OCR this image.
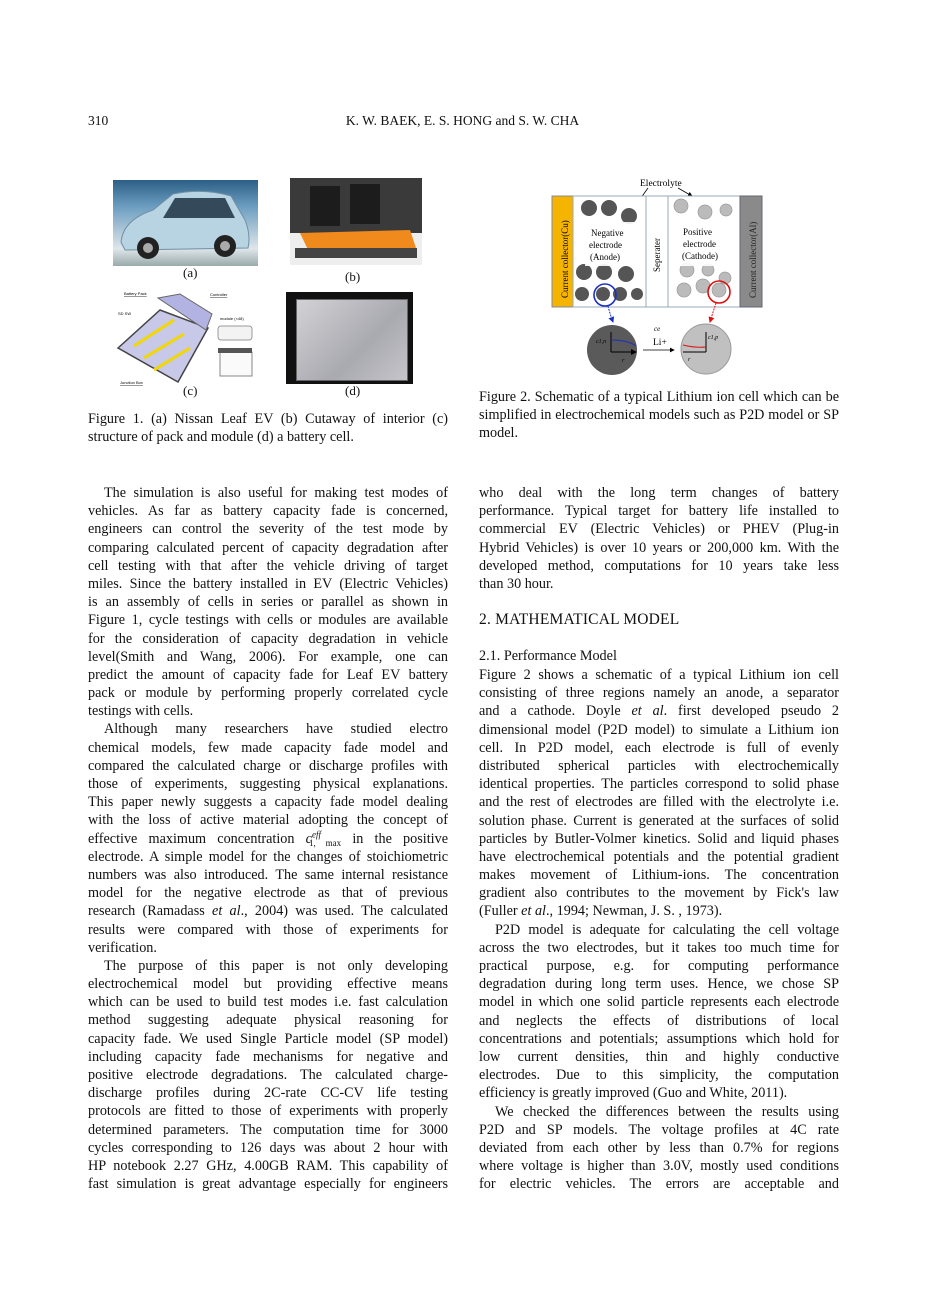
310	K. W. BAEK, E. S. HONG and S. W. CHA
Battery Pack	Controller
SD SW
module (×48)
Junction Box
(a)	(b)
(c)	(d)
Figure 1. (a) Nissan Leaf EV (b) Cutaway of interior (c) structure of pack and module (d) a battery cell.
Electrolyte
Negative
electrode
(Anode)
Positive
electrode
(Cathode)
Current collector(Cu)	Seperater	Current collector(Al)
c1,n
c1,p
r	r
ce
Li+
Figure 2. Schematic of a typical Lithium ion cell which can be simplified in electrochemical models such as P2D model or SP model.
The simulation is also useful for making test modes of
vehicles. As far as battery capacity fade is concerned,
engineers can control the severity of the test mode by
comparing calculated percent of capacity degradation after
cell testing with that after the vehicle driving of target
miles. Since the battery installed in EV (Electric Vehicles)
is an assembly of cells in series or parallel as shown in
Figure 1, cycle testings with cells or modules are available
for the consideration of capacity degradation in vehicle
level(Smith and Wang, 2006). For example, one can
predict the amount of capacity fade for Leaf EV battery
pack or module by performing properly correlated cycle
testings with cells.
Although many researchers have studied electro
chemical models, few made capacity fade model and
compared the calculated charge or discharge profiles with
those of experiments, suggesting physical explanations.
This paper newly suggests a capacity fade model dealing
with the loss of active material adopting the concept of
effective maximum concentration $c^{eff}_{1, max}$ in the positive
electrode. A simple model for the changes of stoichiometric
numbers was also introduced. The same internal resistance
model for the negative electrode as that of previous
research (Ramadass et al., 2004) was used. The calculated
results were compared with those of experiments for
verification.
The purpose of this paper is not only developing
electrochemical model but providing effective means
which can be used to build test modes i.e. fast calculation
method suggesting adequate physical reasoning for
capacity fade. We used Single Particle model (SP model)
including capacity fade mechanisms for negative and
positive electrode degradations. The calculated charge-
discharge profiles during 2C-rate CC-CV life testing
protocols are fitted to those of experiments with properly
determined parameters. The computation time for 3000
cycles corresponding to 126 days was about 2 hour with
HP notebook 2.27 GHz, 4.00GB RAM. This capability of
fast simulation is great advantage especially for engineers
who deal with the long term changes of battery
performance. Typical target for battery life installed to
commercial EV (Electric Vehicles) or PHEV (Plug-in
Hybrid Vehicles) is over 10 years or 200,000 km. With the
developed method, computations for 10 years take less
than 30 hour.
2. MATHEMATICAL MODEL
2.1. Performance Model
Figure 2 shows a schematic of a typical Lithium ion cell
consisting of three regions namely an anode, a separator
and a cathode. Doyle et al. first developed pseudo 2
dimensional model (P2D model) to simulate a Lithium ion
cell. In P2D model, each electrode is full of evenly
distributed spherical particles with electrochemically
identical properties. The particles correspond to solid phase
and the rest of electrodes are filled with the electrolyte i.e.
solution phase. Current is generated at the surfaces of solid
particles by Butler-Volmer kinetics. Solid and liquid phases
have electrochemical potentials and the potential gradient
makes movement of Lithium-ions. The concentration
gradient also contributes to the movement by Fick's law
(Fuller et al., 1994; Newman, J. S. , 1973).
P2D model is adequate for calculating the cell voltage
across the two electrodes, but it takes too much time for
practical purpose, e.g. for computing performance
degradation during long term uses. Hence, we chose SP
model in which one solid particle represents each electrode
and neglects the effects of distributions of local
concentrations and potentials; assumptions which hold for
low current densities, thin and highly conductive
electrodes. Due to this simplicity, the computation
efficiency is greatly improved (Guo and White, 2011).
We checked the differences between the results using
P2D and SP models. The voltage profiles at 4C rate
deviated from each other by less than 0.7% for regions
where voltage is higher than 3.0V, mostly used conditions
for electric vehicles. The errors are acceptable and
